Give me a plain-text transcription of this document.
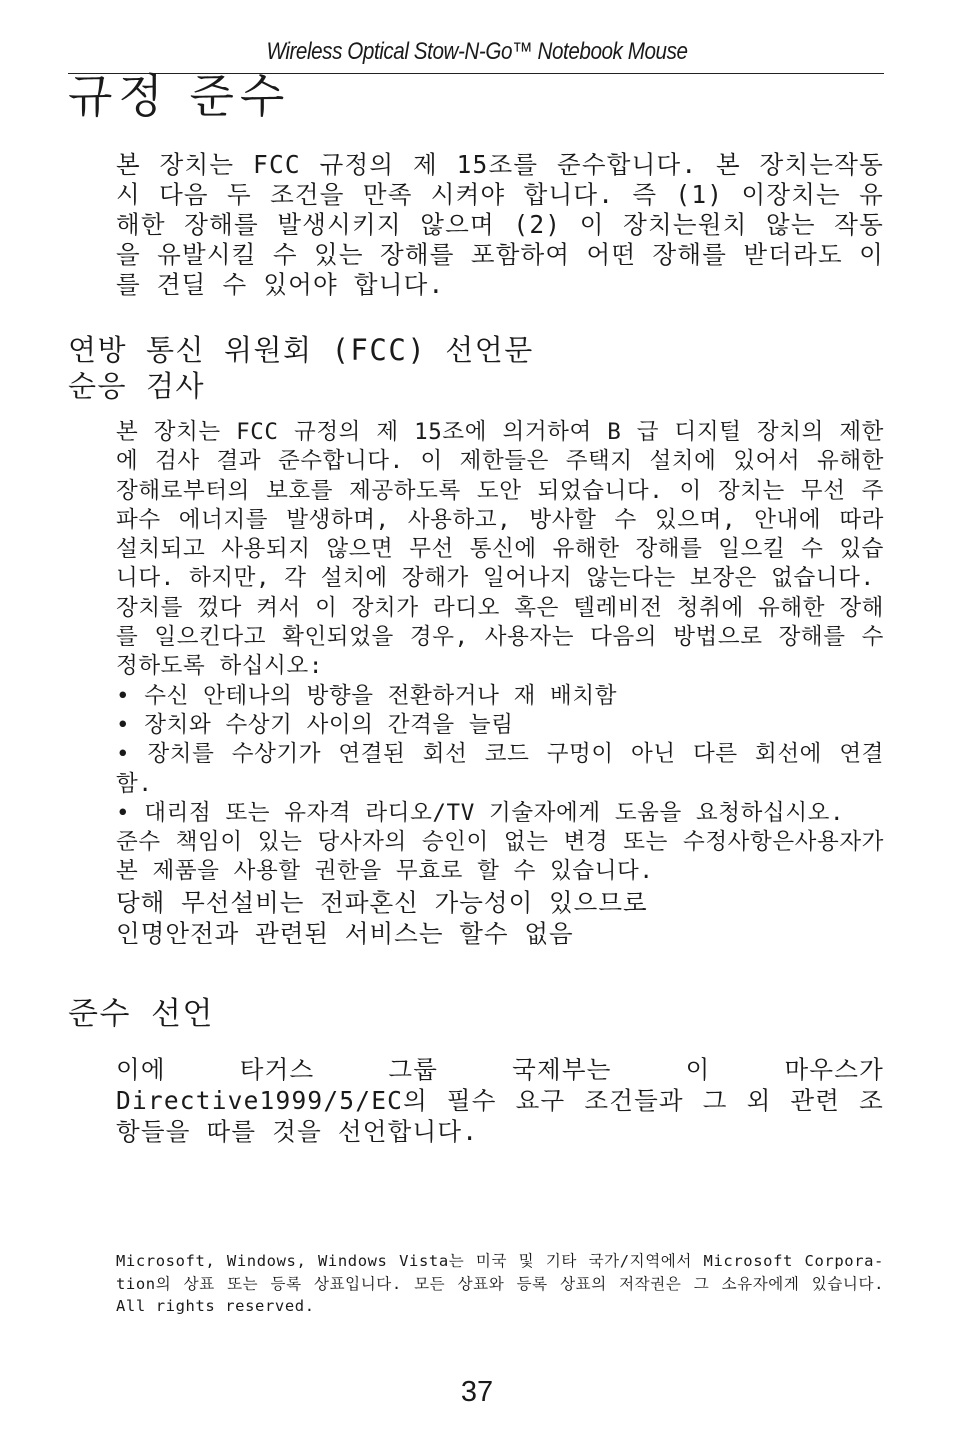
Wireless Optical Stow-N-Go™ Notebook Mouse
규정 준수
본 장치는 FCC 규정의 제 15조를 준수합니다. 본 장치는작동시 다음 두 조건을 만족 시켜야 합니다. 즉 (1) 이장치는 유해한 장해를 발생시키지 않으며 (2) 이 장치는원치 않는 작동을 유발시킬 수 있는 장해를 포함하여 어떤 장해를 받더라도 이를 견딜 수 있어야 합니다.
연방 통신 위원회 (FCC) 선언문
순응 검사

본 장치는 FCC 규정의 제 15조에 의거하여 B 급 디지털 장치의 제한에 검사 결과 준수합니다. 이 제한들은 주택지 설치에 있어서 유해한 장해로부터의 보호를 제공하도록 도안 되었습니다. 이 장치는 무선 주파수 에너지를 발생하며, 사용하고, 방사할 수 있으며, 안내에 따라 설치되고 사용되지 않으면 무선 통신에 유해한 장해를 일으킬 수 있습니다. 하지만, 각 설치에 장해가 일어나지 않는다는 보장은 없습니다.

장치를 껐다 켜서 이 장치가 라디오 혹은 텔레비전 청취에 유해한 장해를 일으킨다고 확인되었을 경우, 사용자는 다음의 방법으로 장해를 수정하도록 하십시오:

• 수신 안테나의 방향을 전환하거나 재 배치함

• 장치와 수상기 사이의 간격을 늘림

• 장치를 수상기가 연결된 회선 코드 구멍이 아닌 다른 회선에 연결함.

• 대리점 또는 유자격 라디오/TV 기술자에게 도움을 요청하십시오.

준수 책임이 있는 당사자의 승인이 없는 변경 또는 수정사항은사용자가 본 제품을 사용할 권한을 무효로 할 수 있습니다.

당해 무선설비는 전파혼신 가능성이 있으므로

인명안전과 관련된 서비스는 할수 없음

준수 선언
이에 타거스 그룹 국제부는 이 마우스가 Directive1999/5/EC의 필수 요구 조건들과 그 외 관련 조항들을 따를 것을 선언합니다.
Microsoft, Windows, Windows Vista는 미국 및 기타 국가/지역에서 Microsoft Corpora-tion의 상표 또는 등록 상표입니다. 모든 상표와 등록 상표의 저작권은 그 소유자에게 있습니다. All rights reserved.
37
